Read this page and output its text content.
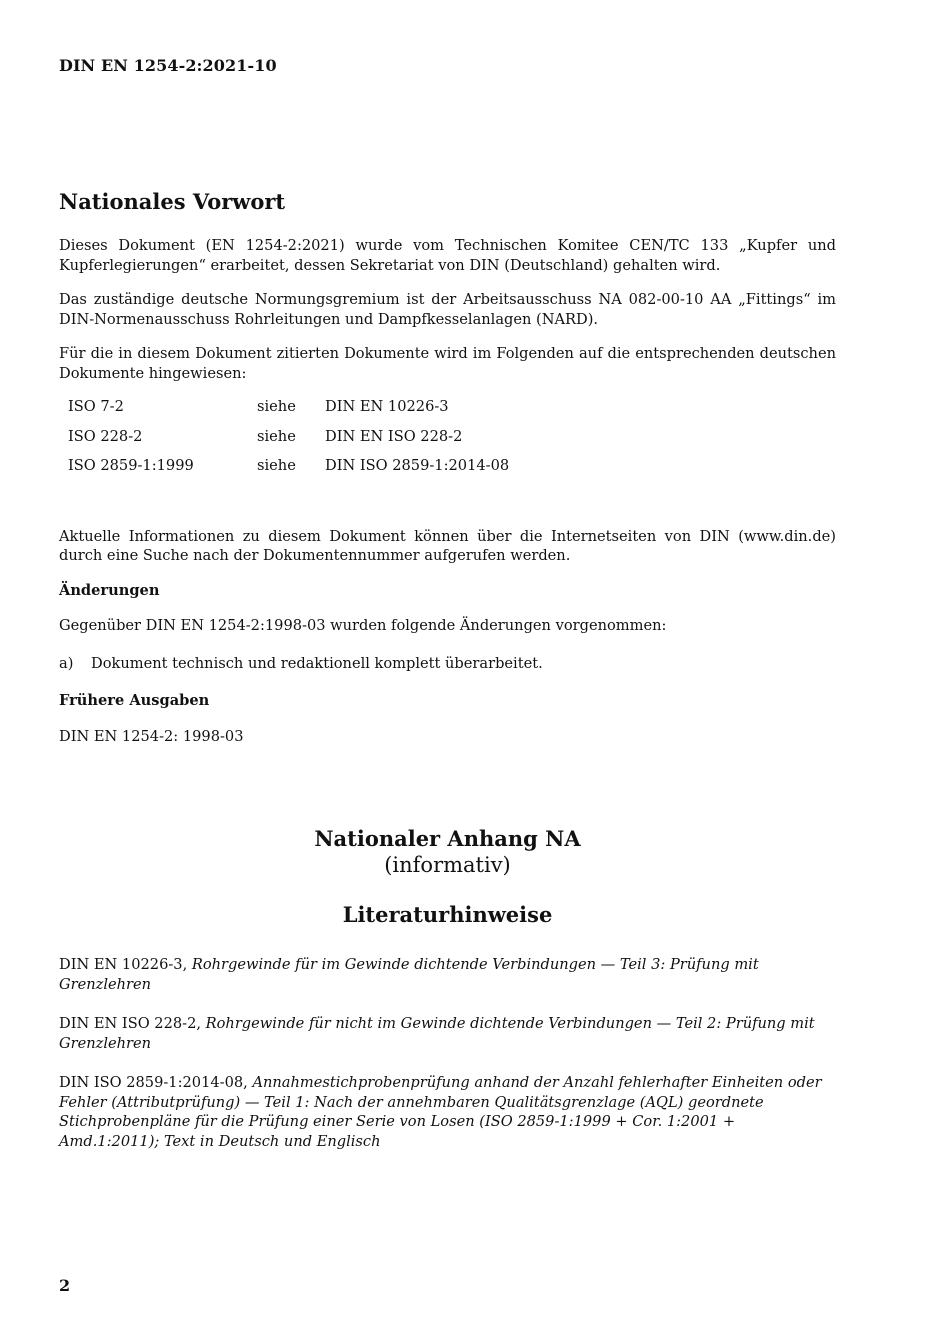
DIN EN 1254-2:2021-10
Nationales Vorwort

Dieses Dokument (EN 1254-2:2021) wurde vom Technischen Komitee CEN/TC 133 „Kupfer und Kupferlegierungen“ erarbeitet, dessen Sekretariat von DIN (Deutschland) gehalten wird.

Das zuständige deutsche Normungsgremium ist der Arbeitsausschuss NA 082-00-10 AA „Fittings“ im DIN-Normenausschuss Rohrleitungen und Dampfkesselanlagen (NARD).

Für die in diesem Dokument zitierten Dokumente wird im Folgenden auf die entsprechenden deutschen Dokumente hingewiesen:

ISO 7-2	siehe	DIN EN 10226-3
ISO 228-2	siehe	DIN EN ISO 228-2
ISO 2859-1:1999	siehe	DIN ISO 2859-1:2014-08

Aktuelle Informationen zu diesem Dokument können über die Internetseiten von DIN (www.din.de) durch eine Suche nach der Dokumentennummer aufgerufen werden.

Änderungen

Gegenüber DIN EN 1254-2:1998-03 wurden folgende Änderungen vorgenommen:

a)	Dokument technisch und redaktionell komplett überarbeitet.
Frühere Ausgaben

DIN EN 1254-2: 1998-03

Nationaler Anhang NA
(informativ)
Literaturhinweise

DIN EN 10226-3, Rohrgewinde für im Gewinde dichtende Verbindungen — Teil 3: Prüfung mit Grenzlehren

DIN EN ISO 228-2, Rohrgewinde für nicht im Gewinde dichtende Verbindungen — Teil 2: Prüfung mit Grenzlehren

DIN ISO 2859-1:2014-08, Annahmestichprobenprüfung anhand der Anzahl fehlerhafter Einheiten oder Fehler (Attributprüfung) — Teil 1: Nach der annehmbaren Qualitätsgrenzlage (AQL) geordnete Stichprobenpläne für die Prüfung einer Serie von Losen (ISO 2859-1:1999 + Cor. 1:2001 + Amd.1:2011); Text in Deutsch und Englisch

2
